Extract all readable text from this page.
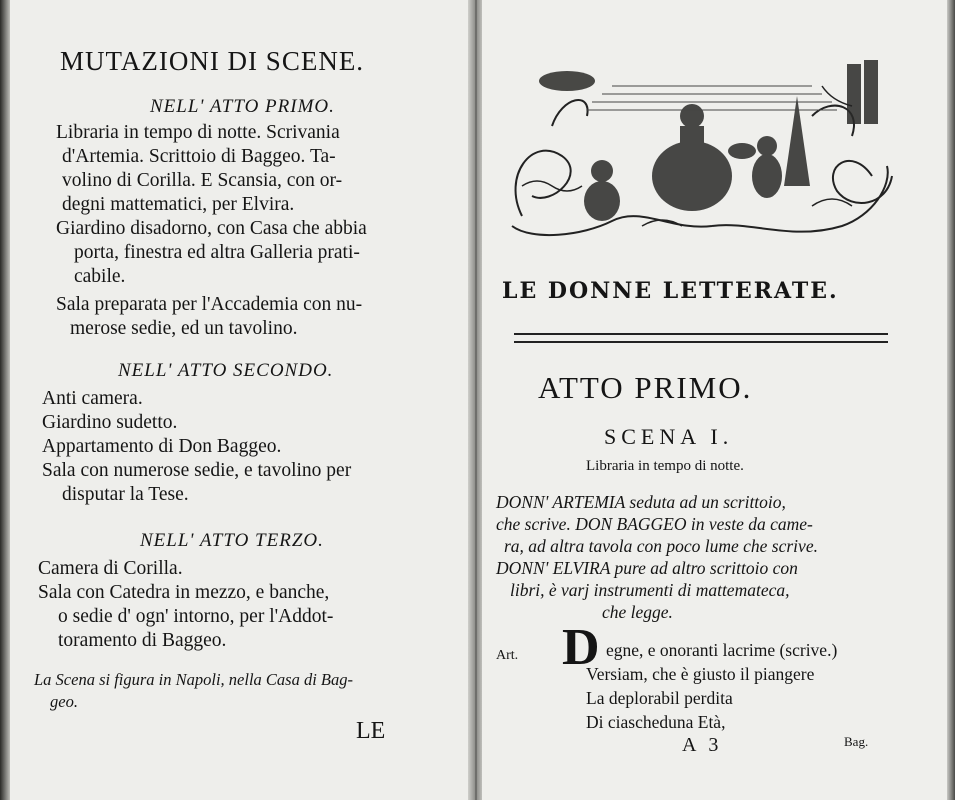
MUTAZIONI DI SCENE.
NELL' ATTO PRIMO.
Libraria in tempo di notte. Scrivania
d'Artemia. Scrittoio di Baggeo. Ta-
volino di Corilla. E Scansia, con or-
degni mattematici, per Elvira.
Giardino disadorno, con Casa che abbia
porta, finestra ed altra Galleria prati-
cabile.
Sala preparata per l'Accademia con nu-
merose sedie, ed un tavolino.
NELL' ATTO SECONDO.
Anti camera.
Giardino sudetto.
Appartamento di Don Baggeo.
Sala con numerose sedie, e tavolino per
disputar la Tese.
NELL' ATTO TERZO.
Camera di Corilla.
Sala con Catedra in mezzo, e banche,
o sedie d' ogn' intorno, per l'Addot-
toramento di Baggeo.
La Scena si figura in Napoli, nella Casa di Bag-
geo.
LE
LE DONNE LETTERATE.
ATTO PRIMO.
SCENA I.
Libraria in tempo di notte.
DONN' ARTEMIA seduta ad un scrittoio,
che scrive. DON BAGGEO in veste da came-
ra, ad altra tavola con poco lume che scrive.
DONN' ELVIRA pure ad altro scrittoio con
libri, è varj instrumenti di mattemateca,
che legge.
Art. D egne, e onoranti lacrime (scrive.)
Versiam, che è giusto il piangere
La deplorabil perdita
Di ciascheduna Età,
A 3	Bag.
